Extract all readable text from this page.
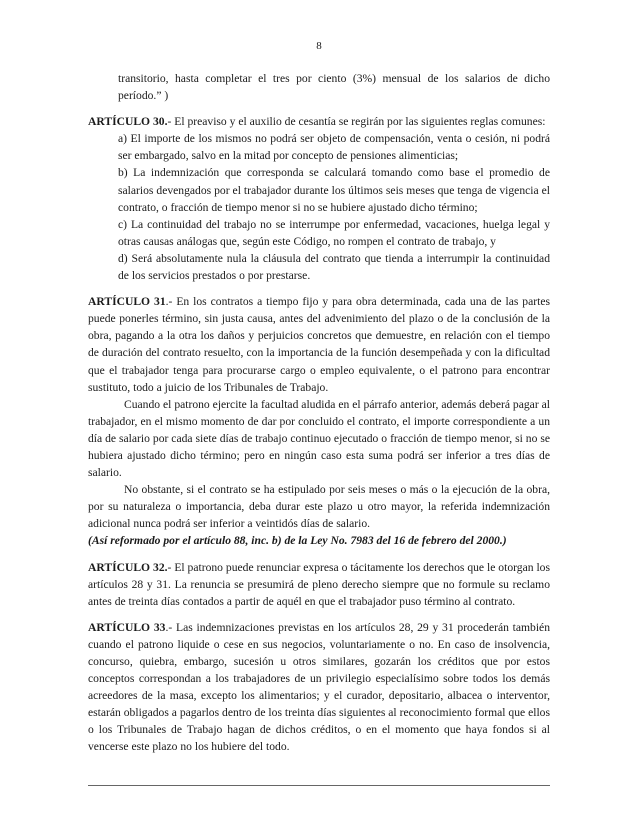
8

transitorio, hasta completar el tres por ciento (3%) mensual de los salarios de dicho período.” )

ARTÍCULO 30.- El preaviso y el auxilio de cesantía se regirán por las siguientes reglas comunes:

a) El importe de los mismos no podrá ser objeto de compensación, venta o cesión, ni podrá ser embargado, salvo en la mitad por concepto de pensiones alimenticias;

b) La indemnización que corresponda se calculará tomando como base el promedio de salarios devengados por el trabajador durante los últimos seis meses que tenga de vigencia el contrato, o fracción de tiempo menor si no se hubiere ajustado dicho término;

c) La continuidad del trabajo no se interrumpe por enfermedad, vacaciones, huelga legal y otras causas análogas que, según este Código, no rompen el contrato de trabajo, y

d) Será absolutamente nula la cláusula del contrato que tienda a interrumpir la continuidad de los servicios prestados o por prestarse.

ARTÍCULO 31.- En los contratos a tiempo fijo y para obra determinada, cada una de las partes puede ponerles término, sin justa causa, antes del advenimiento del plazo o de la conclusión de la obra, pagando a la otra los daños y perjuicios concretos que demuestre, en relación con el tiempo de duración del contrato resuelto, con la importancia de la función desempeñada y con la dificultad que el trabajador tenga para procurarse cargo o empleo equivalente, o el patrono para encontrar sustituto, todo a juicio de los Tribunales de Trabajo.

Cuando el patrono ejercite la facultad aludida en el párrafo anterior, además deberá pagar al trabajador, en el mismo momento de dar por concluido el contrato, el importe correspondiente a un día de salario por cada siete días de trabajo continuo ejecutado o fracción de tiempo menor, si no se hubiera ajustado dicho término; pero en ningún caso esta suma podrá ser inferior a tres días de salario.

No obstante, si el contrato se ha estipulado por seis meses o más o la ejecución de la obra, por su naturaleza o importancia, deba durar este plazo u otro mayor, la referida indemnización adicional nunca podrá ser inferior a veintidós días de salario.

(Así reformado por el artículo 88, inc. b) de la Ley No. 7983 del 16 de febrero del 2000.)

ARTÍCULO 32.- El patrono puede renunciar expresa o tácitamente los derechos que le otorgan los artículos 28 y 31. La renuncia se presumirá de pleno derecho siempre que no formule su reclamo antes de treinta días contados a partir de aquél en que el trabajador puso término al contrato.

ARTÍCULO 33.- Las indemnizaciones previstas en los artículos 28, 29 y 31 procederán también cuando el patrono liquide o cese en sus negocios, voluntariamente o no. En caso de insolvencia, concurso, quiebra, embargo, sucesión u otros similares, gozarán los créditos que por estos conceptos correspondan a los trabajadores de un privilegio especialísimo sobre todos los demás acreedores de la masa, excepto los alimentarios; y el curador, depositario, albacea o interventor, estarán obligados a pagarlos dentro de los treinta días siguientes al reconocimiento formal que ellos o los Tribunales de Trabajo hagan de dichos créditos, o en el momento que haya fondos si al vencerse este plazo no los hubiere del todo.
